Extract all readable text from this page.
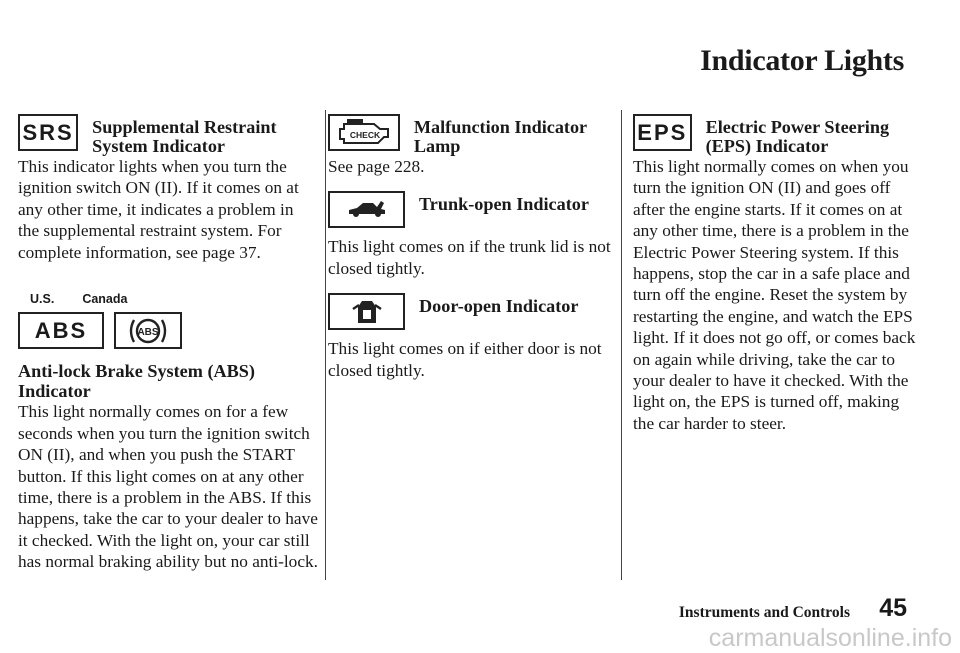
Indicator Lights
SRS Supplemental Restraint System Indicator

This indicator lights when you turn the ignition switch ON (II). If it comes on at any other time, it indicates a problem in the supplemental restraint system. For complete information, see page 37.

U.S. Canada
ABS	ABS
Anti-lock Brake System (ABS) Indicator

This light normally comes on for a few seconds when you turn the ignition switch ON (II), and when you push the START button. If this light comes on at any other time, there is a problem in the ABS. If this happens, take the car to your dealer to have it checked. With the light on, your car still has normal braking ability but no anti-lock.

CHECK Malfunction Indicator Lamp

See page 228.

Trunk-open Indicator

This light comes on if the trunk lid is not closed tightly.

Door-open Indicator

This light comes on if either door is not closed tightly.

EPS Electric Power Steering (EPS) Indicator

This light normally comes on when you turn the ignition ON (II) and goes off after the engine starts. If it comes on at any other time, there is a problem in the Electric Power Steering system. If this happens, stop the car in a safe place and turn off the engine. Reset the system by restarting the engine, and watch the EPS light. If it does not go off, or comes back on again while driving, take the car to your dealer to have it checked. With the light on, the EPS is turned off, making the car harder to steer.

Instruments and Controls 45
carmanualsonline.info
